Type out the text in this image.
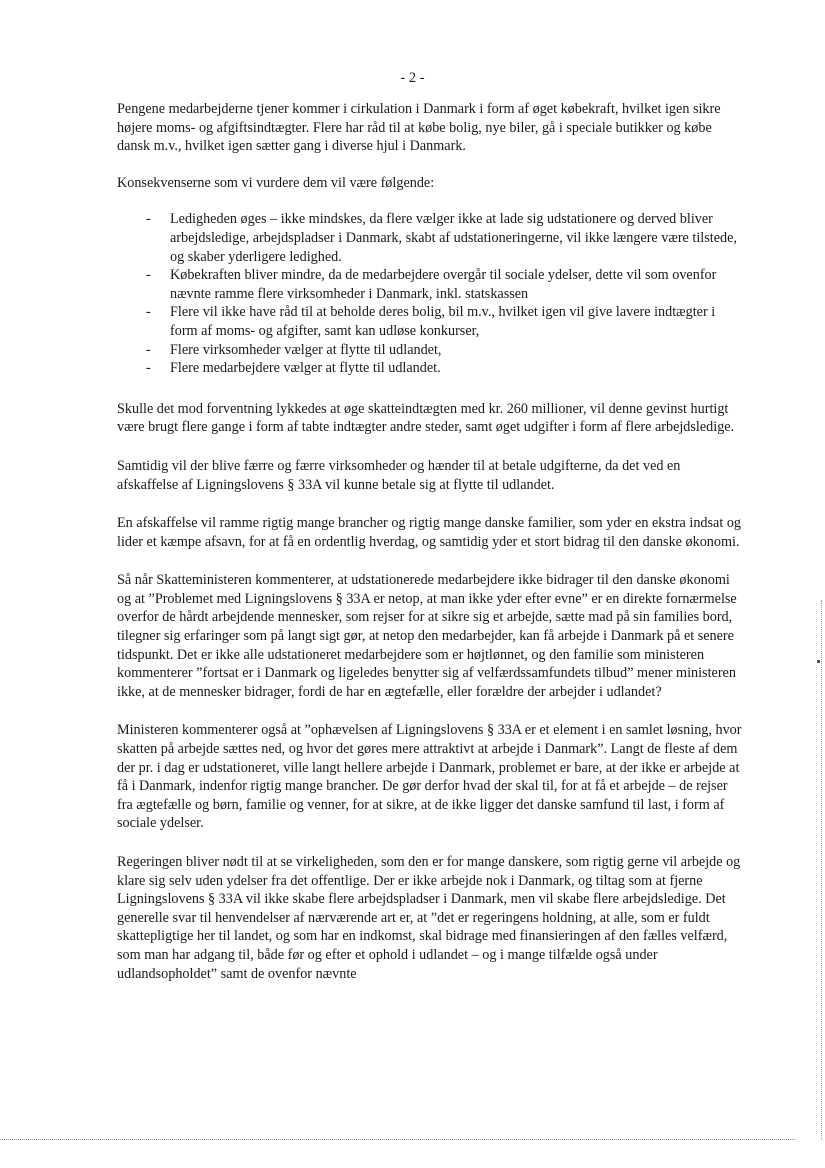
- 2 -

Pengene medarbejderne tjener kommer i cirkulation i Danmark i form af øget købekraft, hvilket igen sikre højere moms- og afgiftsindtægter. Flere har råd til at købe bolig, nye biler, gå i speciale butikker og købe dansk m.v., hvilket igen sætter gang i diverse hjul i Danmark.

Konsekvenserne som vi vurdere dem vil være følgende:

- Ledigheden øges – ikke mindskes, da flere vælger ikke at lade sig udstationere og derved bliver arbejdsledige, arbejdspladser i Danmark, skabt af udstationeringerne, vil ikke længere være tilstede, og skaber yderligere ledighed.
- Købekraften bliver mindre, da de medarbejdere overgår til sociale ydelser, dette vil som ovenfor nævnte ramme flere virksomheder i Danmark, inkl. statskassen
- Flere vil ikke have råd til at beholde deres bolig, bil m.v., hvilket igen vil give lavere indtægter i form af moms- og afgifter, samt kan udløse konkurser,
- Flere virksomheder vælger at flytte til udlandet,
- Flere medarbejdere vælger at flytte til udlandet.

Skulle det mod forventning lykkedes at øge skatteindtægten med kr. 260 millioner, vil denne gevinst hurtigt være brugt flere gange i form af tabte indtægter andre steder, samt øget udgifter i form af flere arbejdsledige.

Samtidig vil der blive færre og færre virksomheder og hænder til at betale udgifterne, da det ved en afskaffelse af Ligningslovens § 33A vil kunne betale sig at flytte til udlandet.

En afskaffelse vil ramme rigtig mange brancher og rigtig mange danske familier, som yder en ekstra indsat og lider et kæmpe afsavn, for at få en ordentlig hverdag, og samtidig yder et stort bidrag til den danske økonomi.

Så når Skatteministeren kommenterer, at udstationerede medarbejdere ikke bidrager til den danske økonomi og at ”Problemet med Ligningslovens § 33A er netop, at man ikke yder efter evne” er en direkte fornærmelse overfor de hårdt arbejdende mennesker, som rejser for at sikre sig et arbejde, sætte mad på sin families bord, tilegner sig erfaringer som på langt sigt gør, at netop den medarbejder, kan få arbejde i Danmark på et senere tidspunkt. Det er ikke alle udstationeret medarbejdere som er højtlønnet, og den familie som ministeren kommenterer ”fortsat er i Danmark og ligeledes benytter sig af velfærdssamfundets tilbud” mener ministeren ikke, at de mennesker bidrager, fordi de har en ægtefælle, eller forældre der arbejder i udlandet?

Ministeren kommenterer også at ”ophævelsen af Ligningslovens § 33A er et element i en samlet løsning, hvor skatten på arbejde sættes ned, og hvor det gøres mere attraktivt at arbejde i Danmark”. Langt de fleste af dem der pr. i dag er udstationeret, ville langt hellere arbejde i Danmark, problemet er bare, at der ikke er arbejde at få i Danmark, indenfor rigtig mange brancher. De gør derfor hvad der skal til, for at få et arbejde – de rejser fra ægtefælle og børn, familie og venner, for at sikre, at de ikke ligger det danske samfund til last, i form af sociale ydelser.

Regeringen bliver nødt til at se virkeligheden, som den er for mange danskere, som rigtig gerne vil arbejde og klare sig selv uden ydelser fra det offentlige. Der er ikke arbejde nok i Danmark, og tiltag som at fjerne Ligningslovens § 33A vil ikke skabe flere arbejdspladser i Danmark, men vil skabe flere arbejdsledige. Det generelle svar til henvendelser af nærværende art er, at ”det er regeringens holdning, at alle, som er fuldt skattepligtige her til landet, og som har en indkomst, skal bidrage med finansieringen af den fælles velfærd, som man har adgang til, både før og efter et ophold i udlandet – og i mange tilfælde også under udlandsopholdet” samt de ovenfor nævnte
